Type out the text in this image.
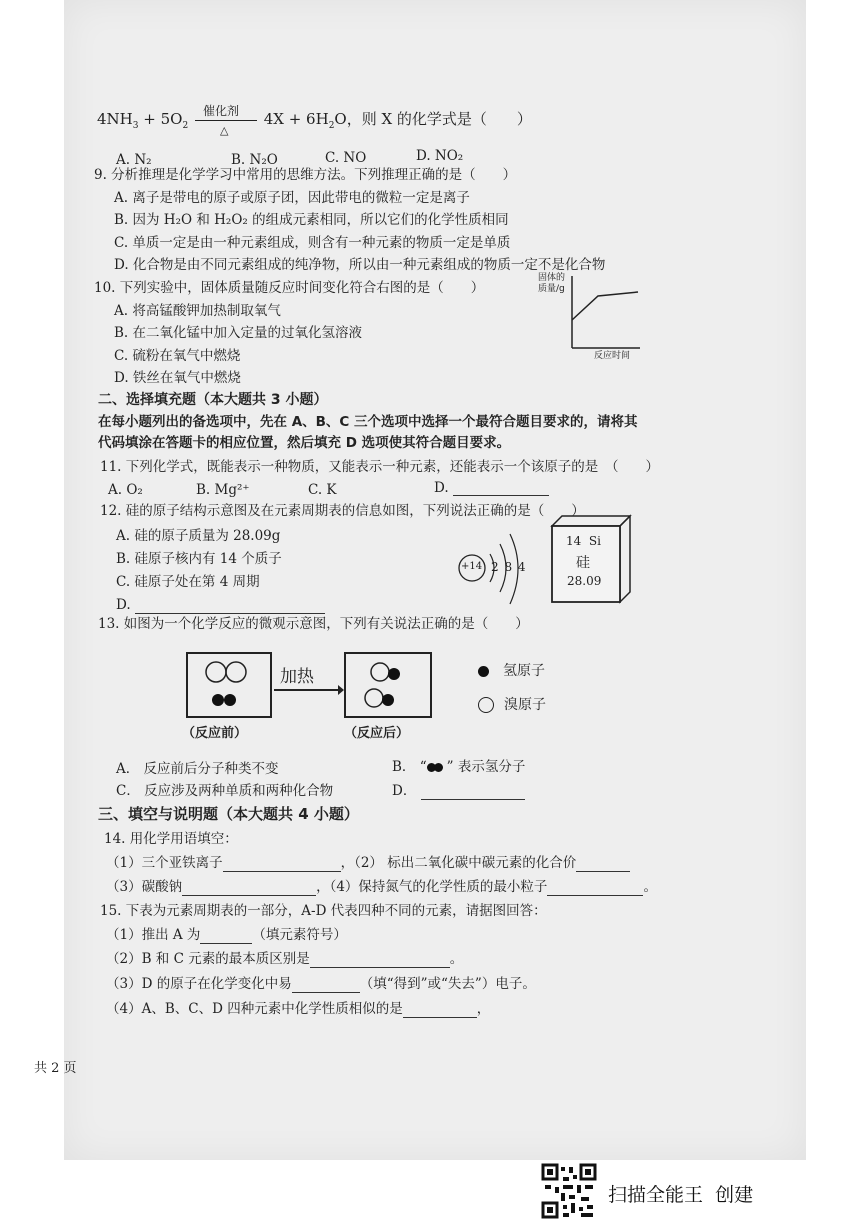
$4NH_3 + 5O_2$
催化剂
△
$4X + 6H_2O$，则 X 的化学式是（　　）
A. N₂	B. N₂O	C. NO	D. NO₂
9. 分析推理是化学学习中常用的思维方法。下列推理正确的是（　　）
A. 离子是带电的原子或原子团，因此带电的微粒一定是离子
B. 因为 H₂O 和 H₂O₂ 的组成元素相同，所以它们的化学性质相同
C. 单质一定是由一种元素组成，则含有一种元素的物质一定是单质
D. 化合物是由不同元素组成的纯净物，所以由一种元素组成的物质一定不是化合物
10. 下列实验中，固体质量随反应时间变化符合右图的是（　　）
A. 将高锰酸钾加热制取氧气
B. 在二氧化锰中加入定量的过氧化氢溶液
C. 硫粉在氧气中燃烧
D. 铁丝在氧气中燃烧
固体的
质量/g
反应时间
二、选择填充题（本大题共 3 小题）
在每小题列出的备选项中，先在 A、B、C 三个选项中选择一个最符合题目要求的，请将其
代码填涂在答题卡的相应位置，然后填充 D 选项使其符合题目要求。
11. 下列化学式，既能表示一种物质，又能表示一种元素，还能表示一个该原子的是　（　　）
A. O₂	B. Mg²⁺	C. K	D.
12. 硅的原子结构示意图及在元素周期表的信息如图，下列说法正确的是（　　）
A. 硅的原子质量为 28.09g
B. 硅原子核内有 14 个质子
C. 硅原子处在第 4 周期
D.
+14 2 8 4
14  Si
硅
28.09
13. 如图为一个化学反应的微观示意图，下列有关说法正确的是（　　）
（反应前）
加热
（反应后）
氢原子
溴原子
A． 反应前后分子种类不变
C． 反应涉及两种单质和两种化合物
B． “ ” 表示氢分子
D．
三、填空与说明题（本大题共 4 小题）
14. 用化学用语填空：
（1）三个亚铁离子	，（2） 标出二氧化碳中碳元素的化合价
（3）碳酸钠	，（4）保持氮气的化学性质的最小粒子	。
15. 下表为元素周期表的一部分，A-D 代表四种不同的元素，请据图回答：
（1）推出 A 为	（填元素符号）
（2）B 和 C 元素的最本质区别是	。
（3）D 的原子在化学变化中易	（填“得到”或“失去”）电子。
（4）A、B、C、D 四种元素中化学性质相似的是	，
共 2 页
扫描全能王  创建
